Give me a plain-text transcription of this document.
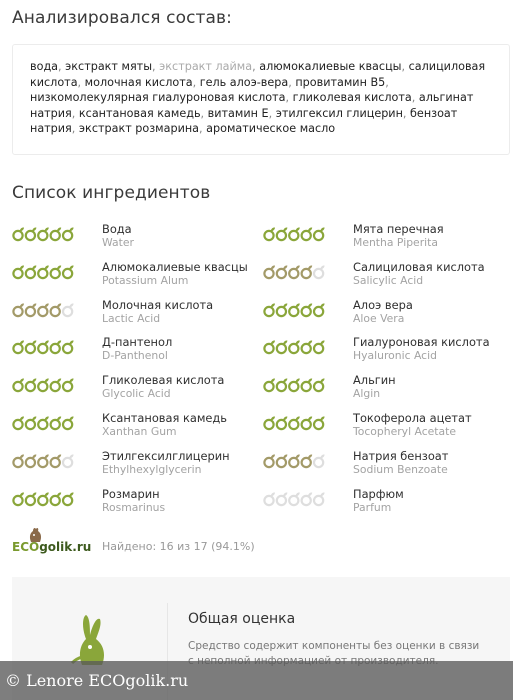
Анализировался состав:
вода, экстракт мяты, экстракт лайма, алюмокалиевые квасцы, салициловая кислота, молочная кислота, гель алоэ-вера, провитамин B5, низкомолекулярная гиалуроновая кислота, гликолевая кислота, альгинат натрия, ксантановая камедь, витамин E, этилгексил глицерин, бензоат натрия, экстракт розмарина, ароматическое масло
Список ингредиентов
Вода
Water
Алюмокалиевые квасцы
Potassium Alum
Молочная кислота
Lactic Acid
Д-пантенол
D-Panthenol
Гликолевая кислота
Glycolic Acid
Ксантановая камедь
Xanthan Gum
Этилгексилглицерин
Ethylhexylglycerin
Розмарин
Rosmarinus
Мята перечная
Mentha Piperita
Салициловая кислота
Salicylic Acid
Алоэ вера
Aloe Vera
Гиалуроновая кислота
Hyaluronic Acid
Альгин
Algin
Токоферола ацетат
Tocopheryl Acetate
Натрия бензоат
Sodium Benzoate
Парфюм
Parfum
ECOgolik.ru Найдено: 16 из 17 (94.1%)
Общая оценка
Средство содержит компоненты без оценки в связи
© Lenore ECOgolik.ru
